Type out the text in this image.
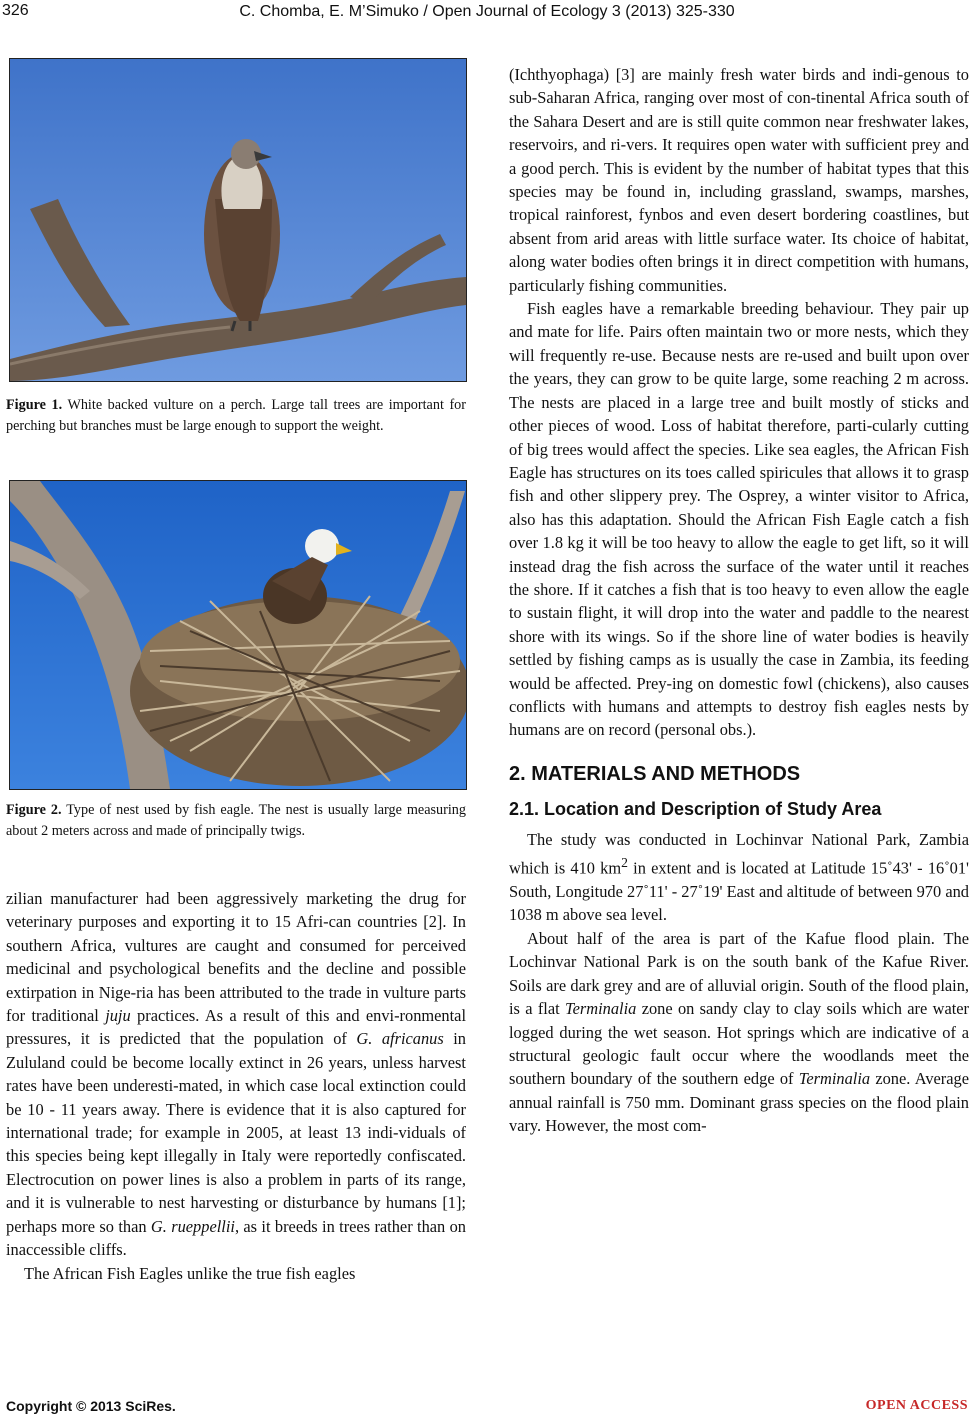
326	C. Chomba, E. M’Simuko / Open Journal of Ecology 3 (2013) 325-330
Figure 1. White backed vulture on a perch. Large tall trees are important for perching but branches must be large enough to support the weight.
Figure 2. Type of nest used by fish eagle. The nest is usually large measuring about 2 meters across and made of principally twigs.

zilian manufacturer had been aggressively marketing the drug for veterinary purposes and exporting it to 15 Afri-can countries [2]. In southern Africa, vultures are caught and consumed for perceived medicinal and psychological benefits and the decline and possible extirpation in Nige-ria has been attributed to the trade in vulture parts for traditional juju practices. As a result of this and envi-ronmental pressures, it is predicted that the population of G. africanus in Zululand could be become locally extinct in 26 years, unless harvest rates have been underesti-mated, in which case local extinction could be 10 - 11 years away. There is evidence that it is also captured for international trade; for example in 2005, at least 13 indi-viduals of this species being kept illegally in Italy were reportedly confiscated. Electrocution on power lines is also a problem in parts of its range, and it is vulnerable to nest harvesting or disturbance by humans [1]; perhaps more so than G. rueppellii, as it breeds in trees rather than on inaccessible cliffs.

The African Fish Eagles unlike the true fish eagles

(Ichthyophaga) [3] are mainly fresh water birds and indi-genous to sub-Saharan Africa, ranging over most of con-tinental Africa south of the Sahara Desert and are is still quite common near freshwater lakes, reservoirs, and ri-vers. It requires open water with sufficient prey and a good perch. This is evident by the number of habitat types that this species may be found in, including grassland, swamps, marshes, tropical rainforest, fynbos and even desert bordering coastlines, but absent from arid areas with little surface water. Its choice of habitat, along water bodies often brings it in direct competition with humans, particularly fishing communities.

Fish eagles have a remarkable breeding behaviour. They pair up and mate for life. Pairs often maintain two or more nests, which they will frequently re-use. Because nests are re-used and built upon over the years, they can grow to be quite large, some reaching 2 m across. The nests are placed in a large tree and built mostly of sticks and other pieces of wood. Loss of habitat therefore, parti-cularly cutting of big trees would affect the species. Like sea eagles, the African Fish Eagle has structures on its toes called spiricules that allows it to grasp fish and other slippery prey. The Osprey, a winter visitor to Africa, also has this adaptation. Should the African Fish Eagle catch a fish over 1.8 kg it will be too heavy to allow the eagle to get lift, so it will instead drag the fish across the surface of the water until it reaches the shore. If it catches a fish that is too heavy to even allow the eagle to sustain flight, it will drop into the water and paddle to the nearest shore with its wings. So if the shore line of water bodies is heavily settled by fishing camps as is usually the case in Zambia, its feeding would be affected. Prey-ing on domestic fowl (chickens), also causes conflicts with humans and attempts to destroy fish eagles nests by humans are on record (personal obs.).

2. MATERIALS AND METHODS
2.1. Location and Description of Study Area

The study was conducted in Lochinvar National Park, Zambia which is 410 $km^2$ in extent and is located at Latitude 15˚43' - 16˚01' South, Longitude 27˚11' - 27˚19' East and altitude of between 970 and 1038 m above sea level.

About half of the area is part of the Kafue flood plain. The Lochinvar National Park is on the south bank of the Kafue River. Soils are dark grey and are of alluvial origin. South of the flood plain, is a flat Terminalia zone on sandy clay to clay soils which are water logged during the wet season. Hot springs which are indicative of a structural geologic fault occur where the woodlands meet the southern boundary of the southern edge of Terminalia zone. Average annual rainfall is 750 mm. Dominant grass species on the flood plain vary. However, the most com-

Copyright © 2013 SciRes.	OPEN ACCESS
